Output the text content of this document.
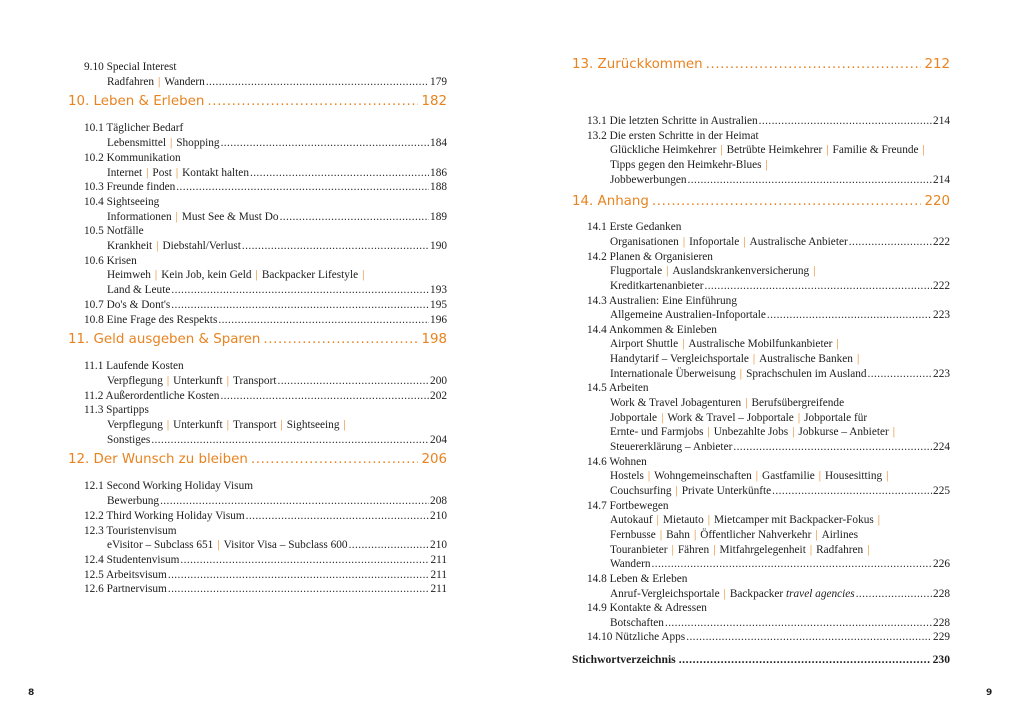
9.10 Special Interest
Radfahren | Wandern .....	179
10. Leben & Erleben .....	182
10.1 Täglicher Bedarf
Lebensmittel | Shopping .....	184
10.2 Kommunikation
Internet | Post | Kontakt halten .....	186
10.3 Freunde finden .....	188
10.4 Sightseeing
Informationen | Must See & Must Do .....	189
10.5 Notfälle
Krankheit | Diebstahl/Verlust .....	190
10.6 Krisen
Heimweh | Kein Job, kein Geld | Backpacker Lifestyle |
Land & Leute .....	193
10.7 Do's & Dont's .....	195
10.8 Eine Frage des Respekts .....	196
11. Geld ausgeben & Sparen .....	198
11.1 Laufende Kosten
Verpflegung | Unterkunft | Transport .....	200
11.2 Außerordentliche Kosten .....	202
11.3 Spartipps
Verpflegung | Unterkunft | Transport | Sightseeing |
Sonstiges .....	204
12. Der Wunsch zu bleiben .....	206
12.1 Second Working Holiday Visum
Bewerbung .....	208
12.2 Third Working Holiday Visum .....	210
12.3 Touristenvisum
eVisitor – Subclass 651 | Visitor Visa – Subclass 600 .....	210
12.4 Studentenvisum .....	211
12.5 Arbeitsvisum .....	211
12.6 Partnervisum .....	211
13. Zurückkommen .....	212
13.1 Die letzten Schritte in Australien .....	214
13.2 Die ersten Schritte in der Heimat
Glückliche Heimkehrer | Betrübte Heimkehrer | Familie & Freunde |
Tipps gegen den Heimkehr-Blues |
Jobbewerbungen .....	214
14. Anhang .....	220
14.1 Erste Gedanken
Organisationen | Infoportale | Australische Anbieter .....	222
14.2 Planen & Organisieren
Flugportale | Auslandskrankenversicherung |
Kreditkartenanbieter .....	222
14.3 Australien: Eine Einführung
Allgemeine Australien-Infoportale .....	223
14.4 Ankommen & Einleben
Airport Shuttle | Australische Mobilfunkanbieter |
Handytarif – Vergleichsportale | Australische Banken |
Internationale Überweisung | Sprachschulen im Ausland .....	223
14.5 Arbeiten
Work & Travel Jobagenturen | Berufsübergreifende
Jobportale | Work & Travel – Jobportale | Jobportale für
Ernte- und Farmjobs | Unbezahlte Jobs | Jobkurse – Anbieter |
Steuererklärung – Anbieter .....	224
14.6 Wohnen
Hostels | Wohngemeinschaften | Gastfamilie | Housesitting |
Couchsurfing | Private Unterkünfte .....	225
14.7 Fortbewegen
Autokauf | Mietauto | Mietcamper mit Backpacker-Fokus |
Fernbusse | Bahn | Öffentlicher Nahverkehr | Airlines
Touranbieter | Fähren | Mitfahrgelegenheit | Radfahren |
Wandern .....	226
14.8 Leben & Erleben
Anruf-Vergleichsportale | Backpacker travel agencies .....	228
14.9 Kontakte & Adressen
Botschaften .....	228
14.10 Nützliche Apps .....	229
Stichwortverzeichnis .....	230
8	9
